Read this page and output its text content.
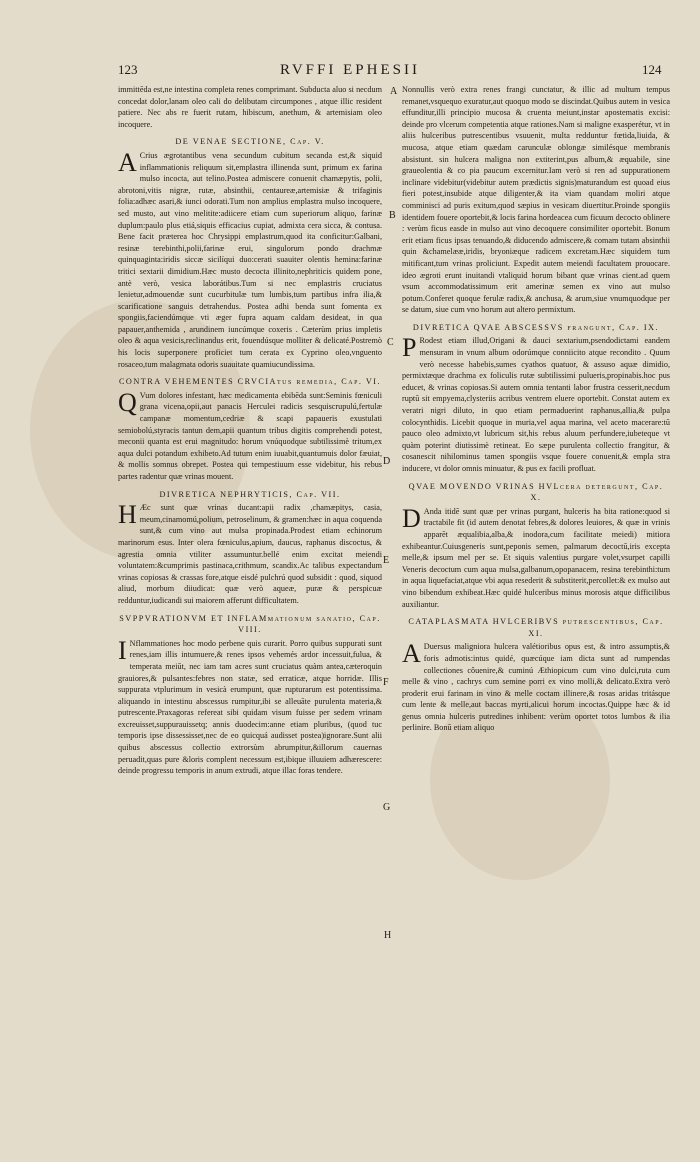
123	RVFFI EPHESII	124
A
B
C
D
E
F
G
H

immittēda est,ne intestina completa renes comprimant. Subducta aluo si necdum concedat dolor,lanam oleo cali do delibutam circumpones , atque illic resident patiere. Nec abs re fuerit rutam, hibiscum, anethum, & artemisiam oleo incoquere.

DE VENAE SECTIONE, Cap. V.

A Crius ægrotantibus vena secundum cubitum secanda est,& siquid inflammationis reliquum sit,emplastra illinenda sunt, primum ex farina mulso incocta, aut telino.Postea admiscere conuenit chamæpytis, polii, abrotoni,vitis nigræ, rutæ, absinthii, centaureæ,artemisiæ & trifaginis folia:adhæc asari,& iunci odorati.Tum non amplius emplastra mulso incoquere, sed musto, aut vino melitite:adiicere etiam cum superiorum aliquo, farinæ duplum:paulo plus etiá,siquis efficacius cupiat, admixta cera sicca, & contusa. Bene facit præterea hoc Chrysippi emplastrum,quod ita conficitur:Galbani, resinæ terebinthi,polii,farinæ erui, singulorum pondo drachmæ quinquaginta:iridis siccæ sicilíqui duo:cerati suauiter olentis hemina:farinæ tritici sextarii dimidium.Hæc musto decocta illinito,nephriticis quidem pone, antè verò, vesica laborátibus.Tum si nec emplastris cruciatus lenietur,admouendæ sunt cucurbitulæ tum lumbis,tum partibus infra ilia,& scarificatione sanguis detrahendus. Postea adhi benda sunt fomenta ex spongiis,faciendúmque vti æger fupra aquam caldam desideat, in qua papauer,anthemida , arundinem iuncúmque coxeris . Cæterùm prius impletis oleo & aqua vesicis,reclinandus erit, fouendúsque molliter & delicaté.Postremò his locis superponere proficiet tum cerata ex Cyprino oleo,vnguento rosaceo,tum malagmata odoris suauitate quamiucundissima.

CONTRA VEHEMENTES CRVCIAtus remedia, Cap. VI.

Q Vum dolores infestant, hæc medicamenta ebibēda sunt:Seminis fœniculi grana vicena,opii,aut panacis Herculei radicis sesquiscrupulú,fertulæ campanæ momentum,cedriæ & scapi papaueris exustulati semiobolú,styracis tantun dem,apii quantum tribus digitis comprehendi potest, meconii quanta est erui magnitudo: horum vnúquodque subtilissimè tritum,ex aqua dulci potandum exhibeto.Ad tutum enim iuuabit,quantumuis dolor fæuiat, & mollis somnus obrepet. Postea qui tempestiuum esse videbitur, his rebus partes radentur quæ vrinas mouent.

DIVRETICA NEPHRYTICIS, Cap. VII.

H Æc sunt quæ vrinas ducant:apii radix ,chamæpitys, casia, meum,cinamomú,polium, petroselinum, & gramen:hæc in aqua coquenda sunt,& cum vino aut mulsa propinada.Prodest etiam echinorum marinorum esus. Inter olera fœniculus,apium, daucus, raphanus discoctus, & agrestia omnia vtiliter assumuntur.bellé enim excitat meiendi voluntatem:&cumprimis pastinaca,crithmum, scandix.Ac talibus expectandum vrinas copiosas & crassas fore,atque eisdé pulchrú quod subsidit : quod, siquod aliud, morbum diiudicat: quæ verò aqueæ, puræ & perspicuæ redduntur,iudicandi sui maiorem afferunt difficultatem.

SVPPVRATIONVM ET INFLAMmationum sanatio, Cap. VIII.

I Nflammationes hoc modo perbene quis curarit. Porro quibus suppurati sunt renes,iam illis intumuere,& renes ipsos vehemés ardor incessuit,fulua, & temperata meiūt, nec iam tam acres sunt cruciatus quàm antea,cæteroquin grauiores,& pulsantes:febres non statæ, sed erraticæ, atque horridæ. Illis suppurata vtplurimum in vesicà erumpunt, quæ rupturarum est potentissima. aliquando in intestinu abscessus rumpitur,ibi se alleuāte purulenta materia,& putrescente.Praxagoras refereat sibi quidam visum fuisse per sedem vrinam excreuisset,suppurauissetq; annis duodecim:anne etiam pluribus, (quod tuc temporis ipse dissessisset,nec de eo quicquá audisset postea)ignorare.Sunt alii quibus abscessus collectio extrorsùm abrumpitur,&illorum cauernas peruadit,quas pure &loris complent necessum est,ibique illuuiem adhærescere: deinde progressu temporis in anum extrudi, atque illac foras tendere.

Nonnullis verò extra renes frangi cunctatur, & illic ad multum tempus remanet,vsquequo exuratur,aut quoquo modo se discindat.Quibus autem in vesica effunditur,illi principio mucosa & cruenta meiunt,instar apostematis excisi: deinde pro vlcerum competentia atque rationes.Nam si maligne exasperétur, vt in aliis hulceribus putrescentibus vsuuenit, multa redduntur fœtida,liuida, & mucosa, atque etiam quædam carunculæ oblongæ similésque membranis absistunt. sin hulcera maligna non extiterint,pus album,& æquabile, sine graueolentia & co pia paucum excernitur.Iam verò si ren ad suppurationem inclinare videbitur(videbitur autem prædictis signis)maturandum est quoad eius fieri potest,insubide atque diligenter,& ita viam quandam moliri atque comminisci ad puris exitum,quod sæpius in vesicam diuertitur.Proinde spongiis identidem fouere oportebit,& locis farina hordeacea cum ficuum decocto oblinere : verùm ficus easde in mulso aut vino decoquere consimiliter oportebit. Bonum erit etiam ficus ipsas tenuando,& diducendo admiscere,& comam tutam absinthii quin &chamelææ,iridis, bryoniæque radicem excretam.Hæc siquidem tum mitificant,tum vrinas proliciunt. Expedit autem meiendi facultatem prouocare. ideo ægroti erunt inuitandi vtaliquid horum bibant quæ vrinas cient.ad quem vsum accommodatissimum erit amerinæ semen ex vino aut mulso potum.Conferet quoque ferulæ radix,& anchusa, & arum,siue vnumquodque per se datum, siue cum vno horum aut altero permixtum.

DIVRETICA QVAE ABSCESSVS frangunt, Cap. IX.

P Rodest etiam illud,Origani & dauci sextarium,psendodictami eandem mensuram in vnum album odorúmque conniicito atque recondito . Quum verò necesse habebis,sumes cyathos quatuor, & assuso aquæ dimidio, permixtæque drachma ex foliculis rutæ subtilissimi pulueris,propinabis.hoc pus educet, & vrinas copiosas.Si autem omnia tentanti labor frustra cesserit,necdum ruptū sit empyema,clysteriis acribus ventrem eluere oportebit. Constat autem ex veratri nigri diluto, in quo etiam permaduerint raphanus,allia,& pulpa colocynthidis. Licebit quoque in muria,vel aqua marina, vel aceto macerare:tū pauco oleo admixto,vt lubricum sit,his rebus aluum perfundere,iubeteque vt quàm poterint diutissimè retineat. Eo sæpe purulenta collectio frangitur, & cosanescit nihilominus tamen spongiis vsque fouere conuenit,& empla stra inducere, vt dolor omnis minuatur, & pus ex facili profluat.

QVAE MOVENDO VRINAS HVLcera detergunt, Cap. X.

D Anda itidē sunt quæ per vrinas purgant, hulceris ha bita ratione:quod si tractabile fit (id autem denotat febres,& dolores leuiores, & quæ in vrinis apparēt æqualibia,alba,& inodora,cum facilitate meiedi) mitiora exhibeantur.Cuiusgeneris sunt,peponis semen, palmarum decoctū,iris excepta melle,& ipsum mel per se. Et siquis valentius purgare volet,vsurpet capilli Veneris decoctum cum aqua mulsa,galbanum,opopanacem, resina terebinthi:tum in aqua liquefaciat,atque vbi aqua resederit & substiterit,percollet:& ex mulso aut vino bibendum exhibeat.Hæc quidé hulceribus minus morosis atque difficilibus auxiliantur.

CATAPLASMATA HVLCERIBVS putrescentibus, Cap. XI.

A Duersus maligniora hulcera valétioribus opus est, & intro assumptis,& foris admotis:intus quidé, quæcúque iam dicta sunt ad rumpendas collectiones côuenire,& cuminú Æthiopicum cum vino dulci,ruta cum melle & vino , cachrys cum semine porri ex vino molli,& delicato.Extra verò proderit erui farinam in vino & melle coctam illinere,& rosas aridas tritásque cum lente & melle,aut baccas myrti,alicui horum incoctas.Quippe hæc & id genus omnia hulceris putredines inhibent: verùm oportet totos lumbos & ilia perlinire. Bonū etiam aliquo
